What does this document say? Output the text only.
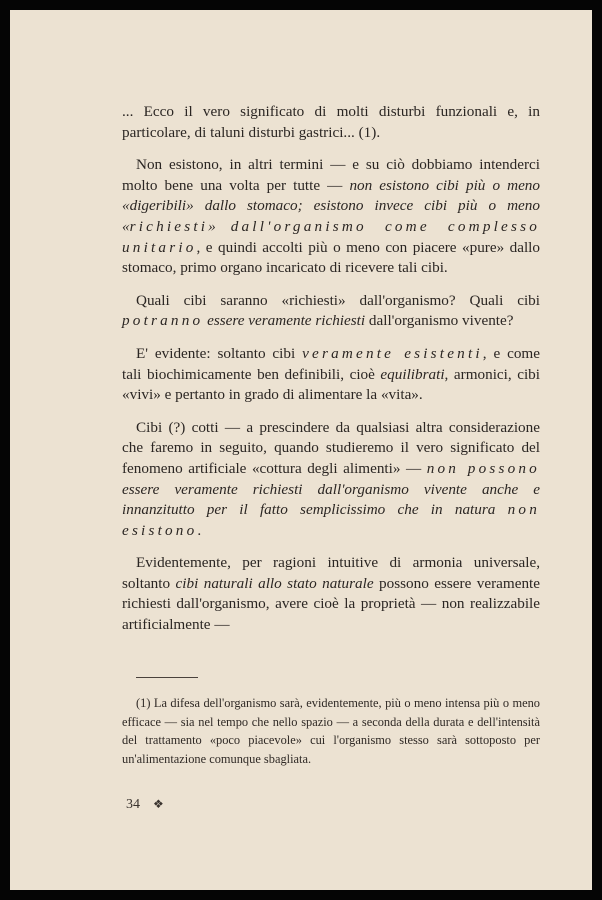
... Ecco il vero significato di molti disturbi funzionali e, in particolare, di taluni disturbi gastrici... (1).

Non esistono, in altri termini — e su ciò dobbiamo intenderci molto bene una volta per tutte — non esistono cibi più o meno «digeribili» dallo stomaco; esistono invece cibi più o meno «richiesti» dall'organismo come complesso unitario, e quindi accolti più o meno con piacere «pure» dallo stomaco, primo organo incaricato di ricevere tali cibi.

Quali cibi saranno «richiesti» dall'organismo? Quali cibi potranno essere veramente richiesti dall'organismo vivente?

E' evidente: soltanto cibi veramente esistenti, e come tali biochimicamente ben definibili, cioè equilibrati, armonici, cibi «vivi» e pertanto in grado di alimentare la «vita».

Cibi (?) cotti — a prescindere da qualsiasi altra considerazione che faremo in seguito, quando studieremo il vero significato del fenomeno artificiale «cottura degli alimenti» — non possono essere veramente richiesti dall'organismo vivente anche e innanzitutto per il fatto semplicissimo che in natura non esistono.

Evidentemente, per ragioni intuitive di armonia universale, soltanto cibi naturali allo stato naturale possono essere veramente richiesti dall'organismo, avere cioè la proprietà — non realizzabile artificialmente —

(1) La difesa dell'organismo sarà, evidentemente, più o meno intensa più o meno efficace — sia nel tempo che nello spazio — a seconda della durata e dell'intensità del trattamento «poco piacevole» cui l'organismo stesso sarà sottoposto per un'alimentazione comunque sbagliata.

34 ❖
